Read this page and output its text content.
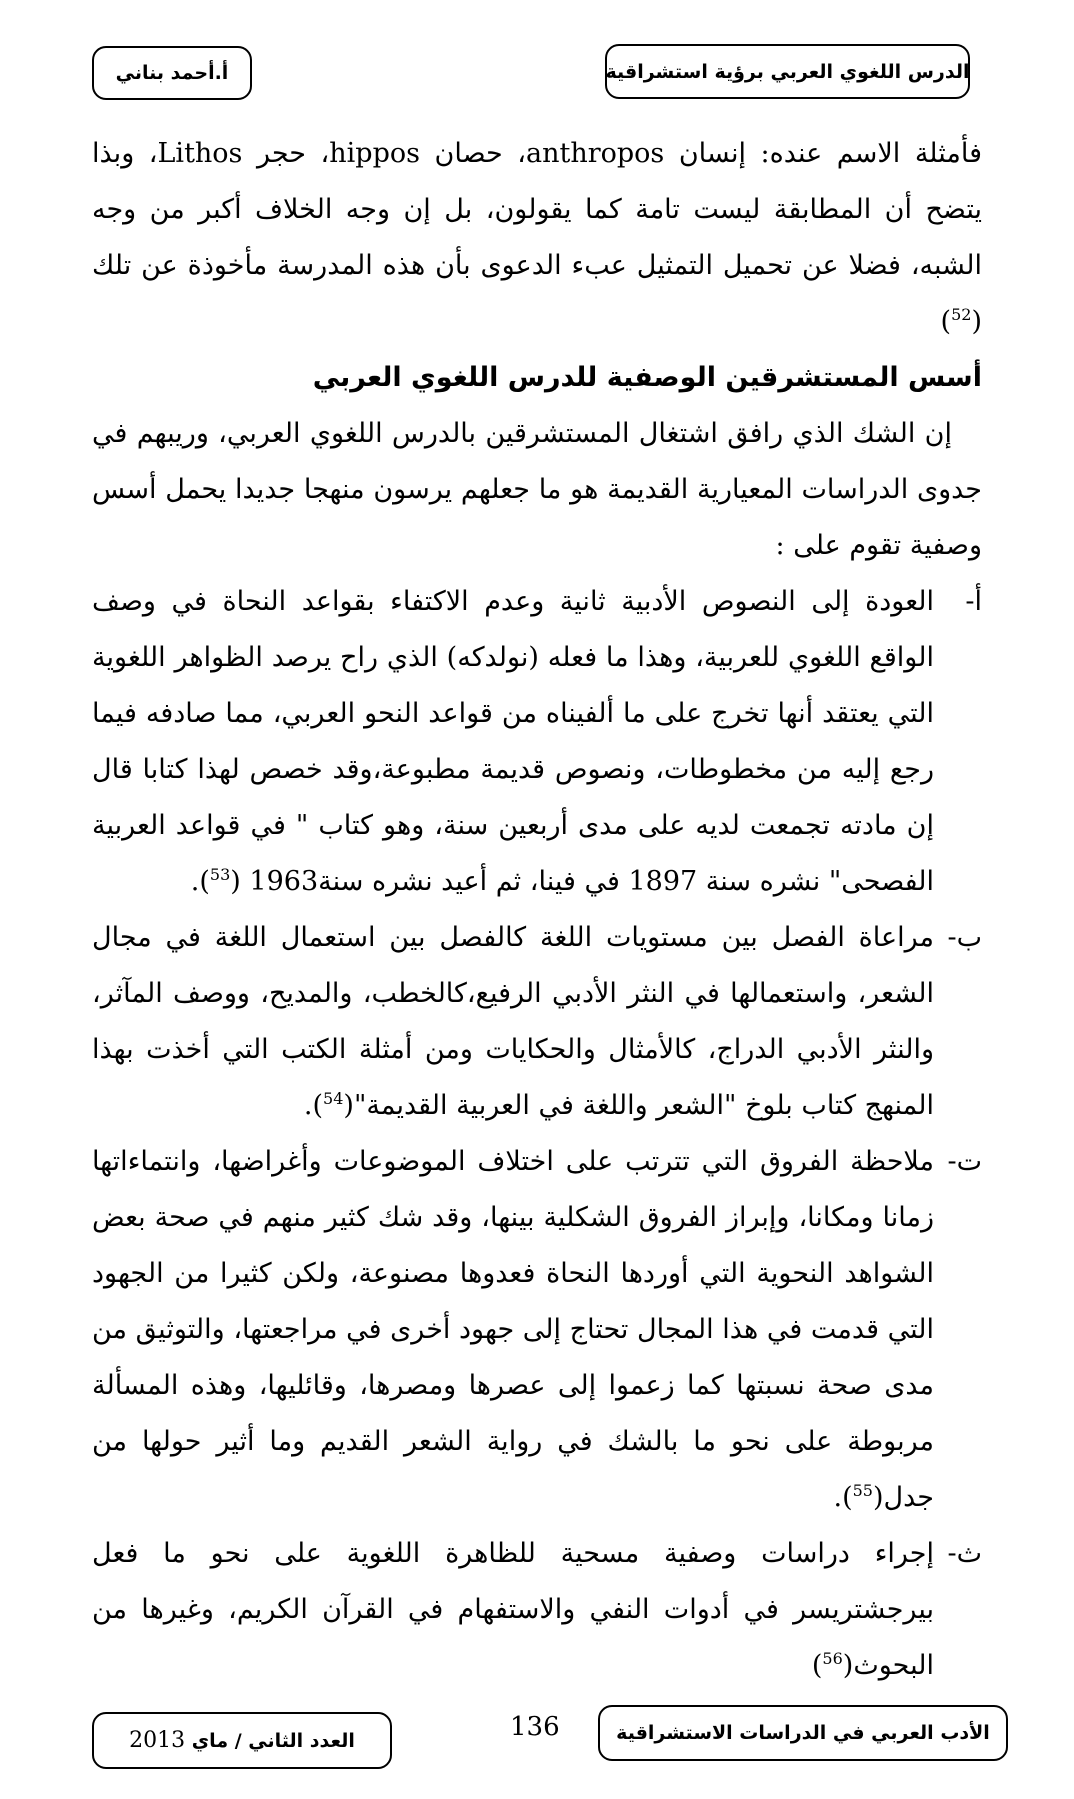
الدرس اللغوي العربي برؤية استشراقية
أ.أحمد بناني

فأمثلة الاسم عنده: إنسان anthropos، حصان hippos، حجر Lithos، وبذا يتضح أن المطابقة ليست تامة كما يقولون، بل إن وجه الخلاف أكبر من وجه الشبه، فضلا عن تحميل التمثيل عبء الدعوى بأن هذه المدرسة مأخوذة عن تلك ($^{52}$)

أسس المستشرقين الوصفية للدرس اللغوي العربي

إن الشك الذي رافق اشتغال المستشرقين بالدرس اللغوي العربي، وريبهم في جدوى الدراسات المعيارية القديمة هو ما جعلهم يرسون منهجا جديدا يحمل أسس وصفية تقوم على :

أ-
العودة إلى النصوص الأدبية ثانية وعدم الاكتفاء بقواعد النحاة في وصف الواقع اللغوي للعربية، وهذا ما فعله (نولدكه) الذي راح يرصد الظواهر اللغوية التي يعتقد أنها تخرج على ما ألفيناه من قواعد النحو العربي، مما صادفه فيما رجع إليه من مخطوطات، ونصوص قديمة مطبوعة،وقد خصص لهذا كتابا قال إن مادته تجمعت لديه على مدى أربعين سنة، وهو كتاب " في قواعد العربية الفصحى" نشره سنة 1897 في فينا، ثم أعيد نشره سنة1963 ($^{53}$).
ب-
مراعاة الفصل بين مستويات اللغة كالفصل بين استعمال اللغة في مجال الشعر، واستعمالها في النثر الأدبي الرفيع،كالخطب، والمديح، ووصف المآثر، والنثر الأدبي الدراج، كالأمثال والحكايات ومن أمثلة الكتب التي أخذت بهذا المنهج كتاب بلوخ "الشعر واللغة في العربية القديمة"($^{54}$).
ت-
ملاحظة الفروق التي تترتب على اختلاف الموضوعات وأغراضها، وانتماءاتها زمانا ومكانا، وإبراز الفروق الشكلية بينها، وقد شك كثير منهم في صحة بعض الشواهد النحوية التي أوردها النحاة فعدوها مصنوعة، ولكن كثيرا من الجهود التي قدمت في هذا المجال تحتاج إلى جهود أخرى في مراجعتها، والتوثيق من مدى صحة نسبتها كما زعموا إلى عصرها ومصرها، وقائليها، وهذه المسألة مربوطة على نحو ما بالشك في رواية الشعر القديم وما أثير حولها من جدل($^{55}$).
ث-
إجراء دراسات وصفية مسحية للظاهرة اللغوية على نحو ما فعل بيرجشتريسر في أدوات النفي والاستفهام في القرآن الكريم، وغيرها من البحوث($^{56}$)
136	الأدب العربي في الدراسات الاستشراقية
العدد الثاني / ماي

2013
